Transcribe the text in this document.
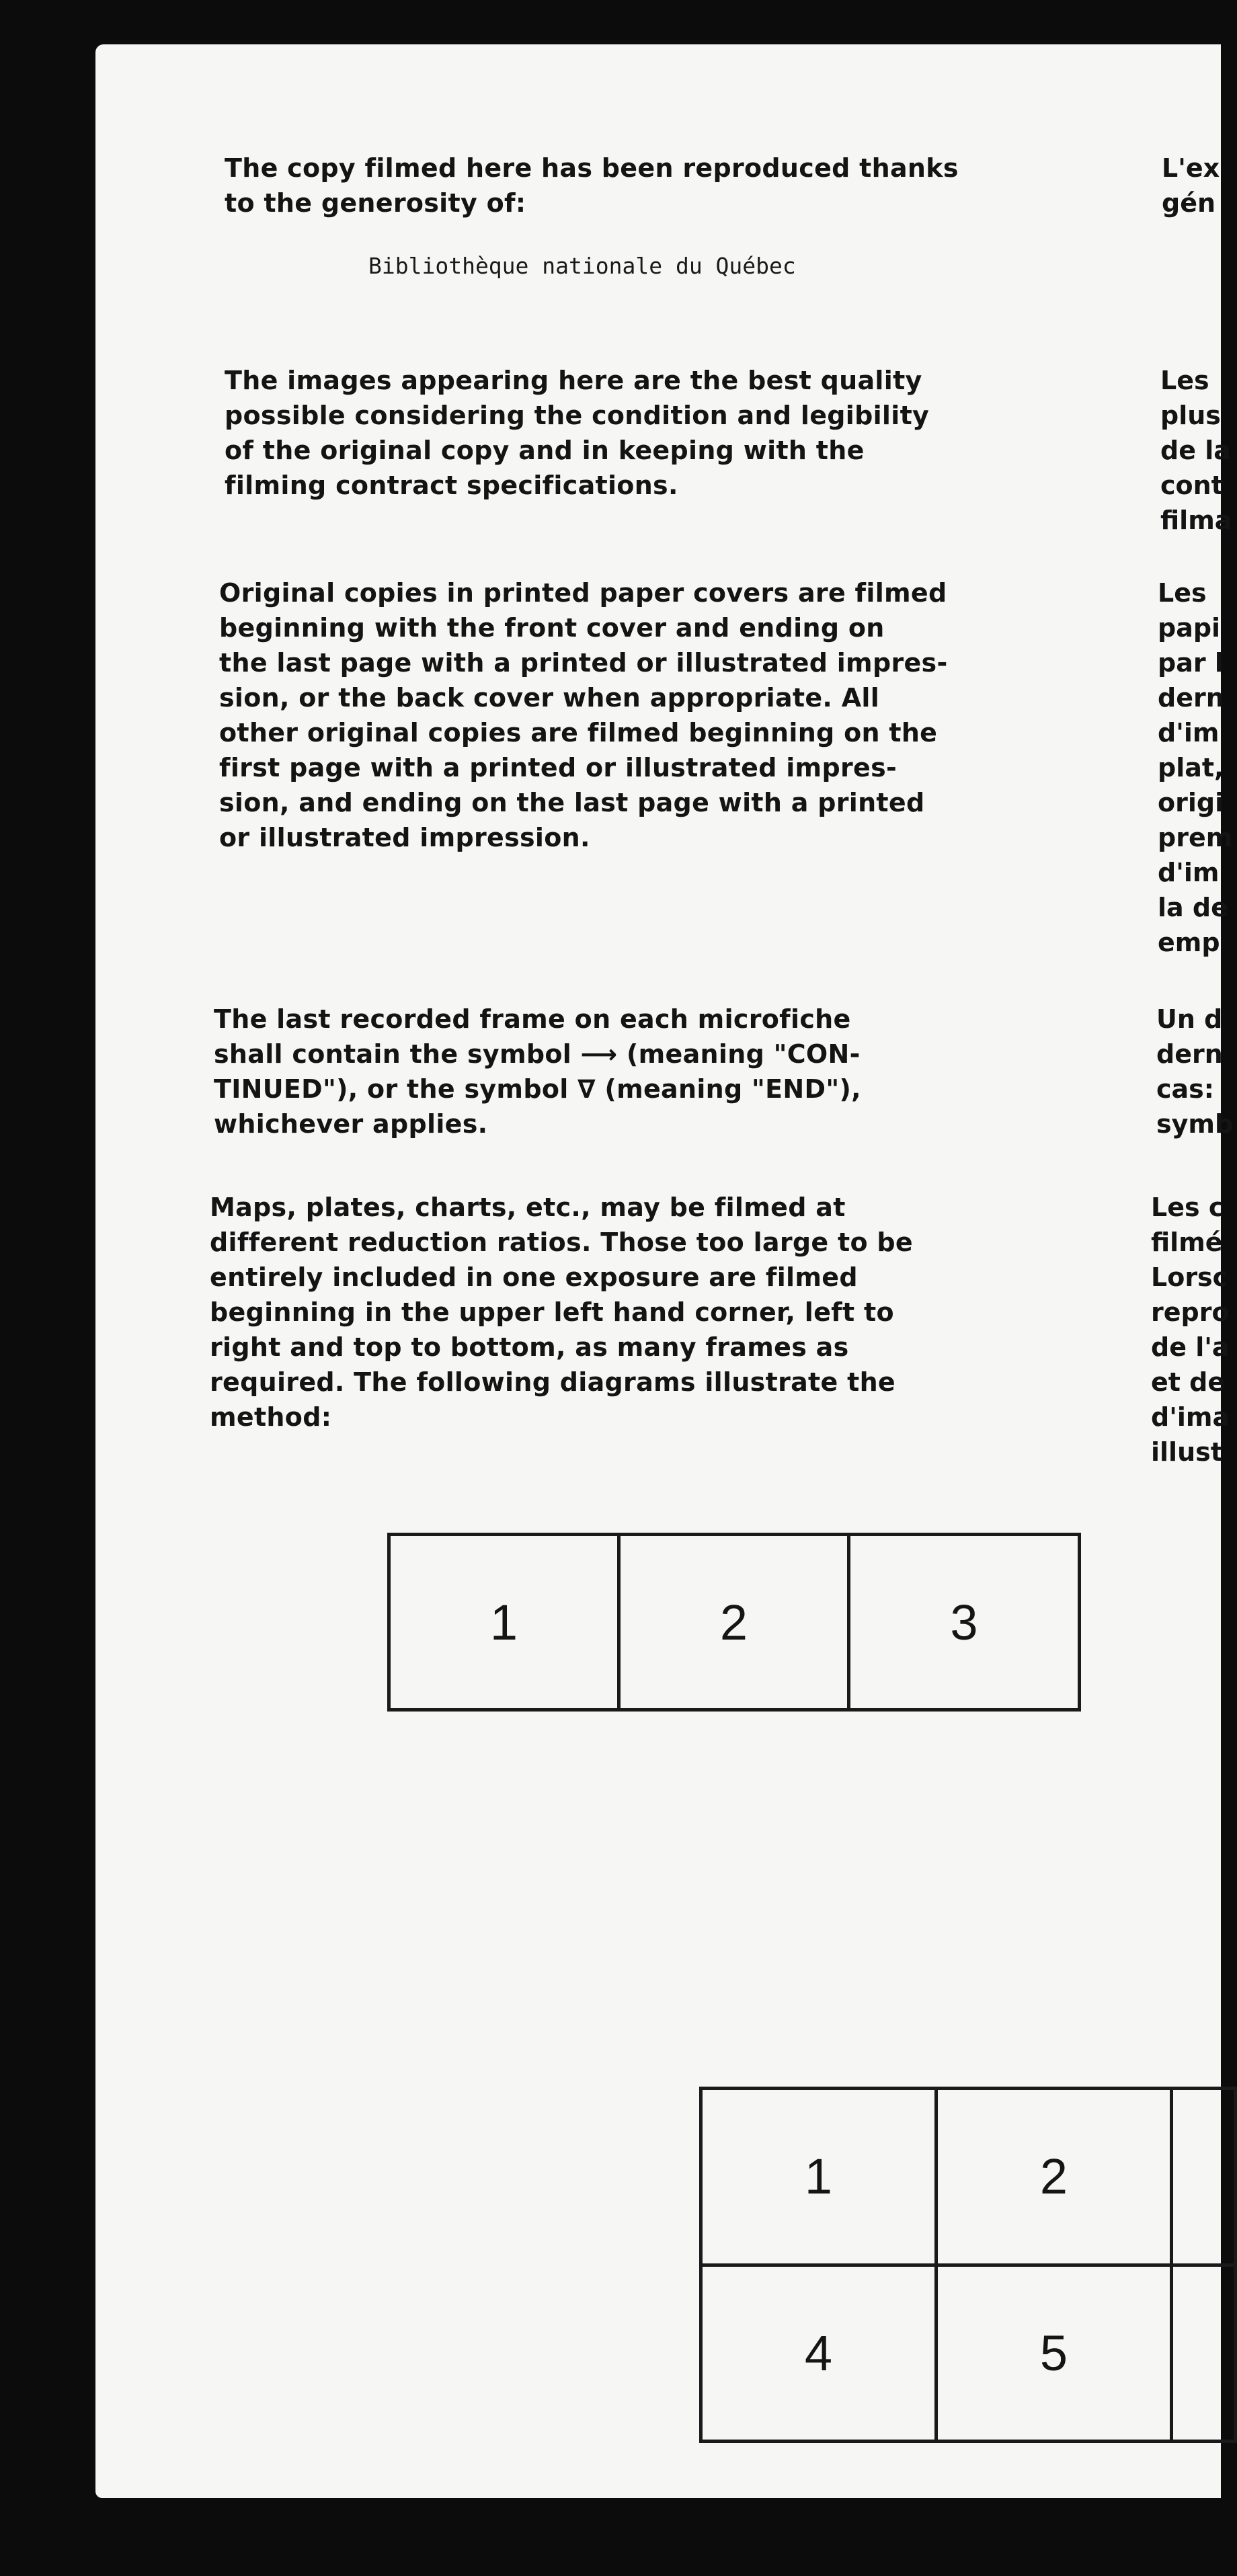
The copy filmed here has been reproduced thanks
to the generosity of:

Bibliothèque nationale du Québec

The images appearing here are the best quality
possible considering the condition and legibility
of the original copy and in keeping with the
filming contract specifications.

Original copies in printed paper covers are filmed
beginning with the front cover and ending on
the last page with a printed or illustrated impres-
sion, or the back cover when appropriate. All
other original copies are filmed beginning on the
first page with a printed or illustrated impres-
sion, and ending on the last page with a printed
or illustrated impression.

The last recorded frame on each microfiche
shall contain the symbol ⟶ (meaning "CON-
TINUED"), or the symbol ∇ (meaning "END"),
whichever applies.

Maps, plates, charts, etc., may be filmed at
different reduction ratios. Those too large to be
entirely included in one exposure are filmed
beginning in the upper left hand corner, left to
right and top to bottom, as many frames as
required. The following diagrams illustrate the
method:

L'ex
gén

Les
plus
de la
cont
filma

Les
papi
par l
dern
d'im
plat,
origi
prem
d'im
la de
emp

Un d
dern
cas:
symb

Les c
filmé
Lorsc
repro
de l'a
et de
d'ima
illust

1	2	3
1	2	
4	5	
